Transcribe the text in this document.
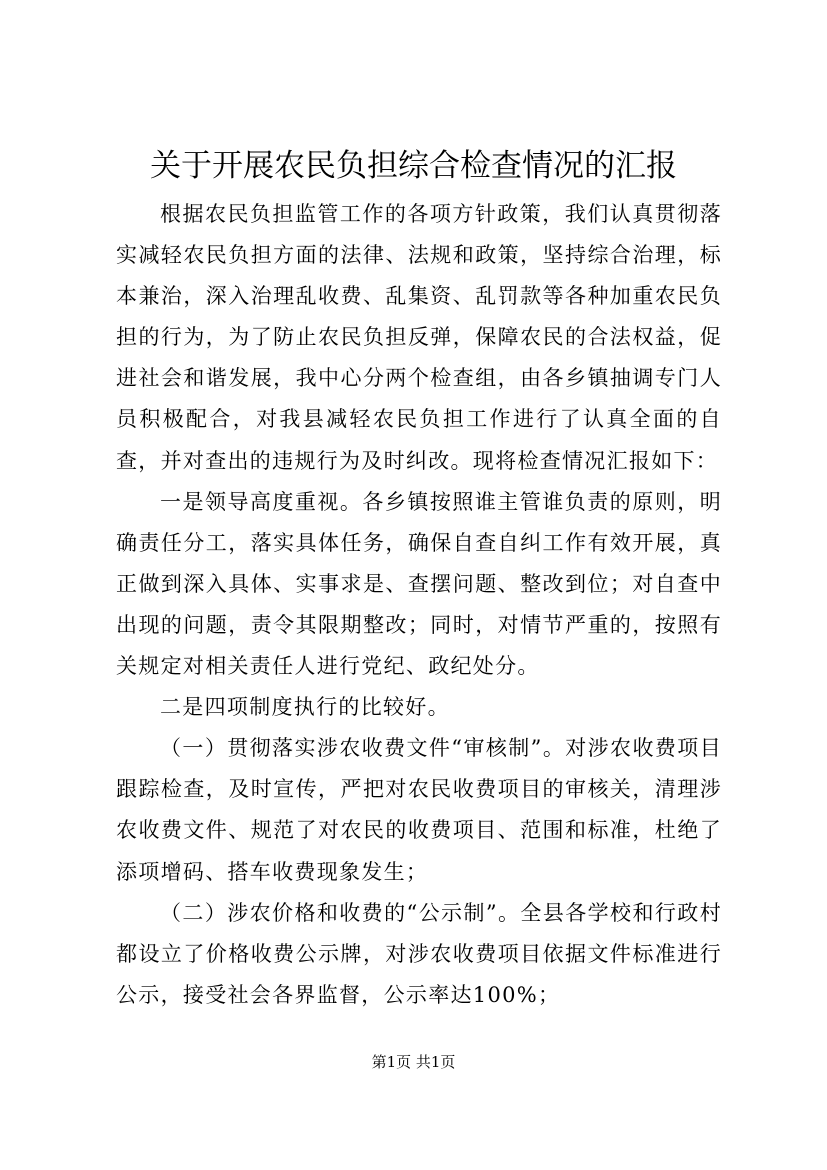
关于开展农民负担综合检查情况的汇报

根据农民负担监管工作的各项方针政策，我们认真贯彻落实减轻农民负担方面的法律、法规和政策，坚持综合治理，标本兼治，深入治理乱收费、乱集资、乱罚款等各种加重农民负担的行为，为了防止农民负担反弹，保障农民的合法权益，促进社会和谐发展，我中心分两个检查组，由各乡镇抽调专门人员积极配合，对我县减轻农民负担工作进行了认真全面的自查，并对查出的违规行为及时纠改。现将检查情况汇报如下：

一是领导高度重视。各乡镇按照谁主管谁负责的原则，明确责任分工，落实具体任务，确保自查自纠工作有效开展，真正做到深入具体、实事求是、查摆问题、整改到位；对自查中出现的问题，责令其限期整改；同时，对情节严重的，按照有关规定对相关责任人进行党纪、政纪处分。

二是四项制度执行的比较好。

（一）贯彻落实涉农收费文件“审核制”。对涉农收费项目跟踪检查，及时宣传，严把对农民收费项目的审核关，清理涉农收费文件、规范了对农民的收费项目、范围和标准，杜绝了添项增码、搭车收费现象发生；

（二）涉农价格和收费的“公示制”。全县各学校和行政村都设立了价格收费公示牌，对涉农收费项目依据文件标准进行公示，接受社会各界监督，公示率达100%；

第1页 共1页
